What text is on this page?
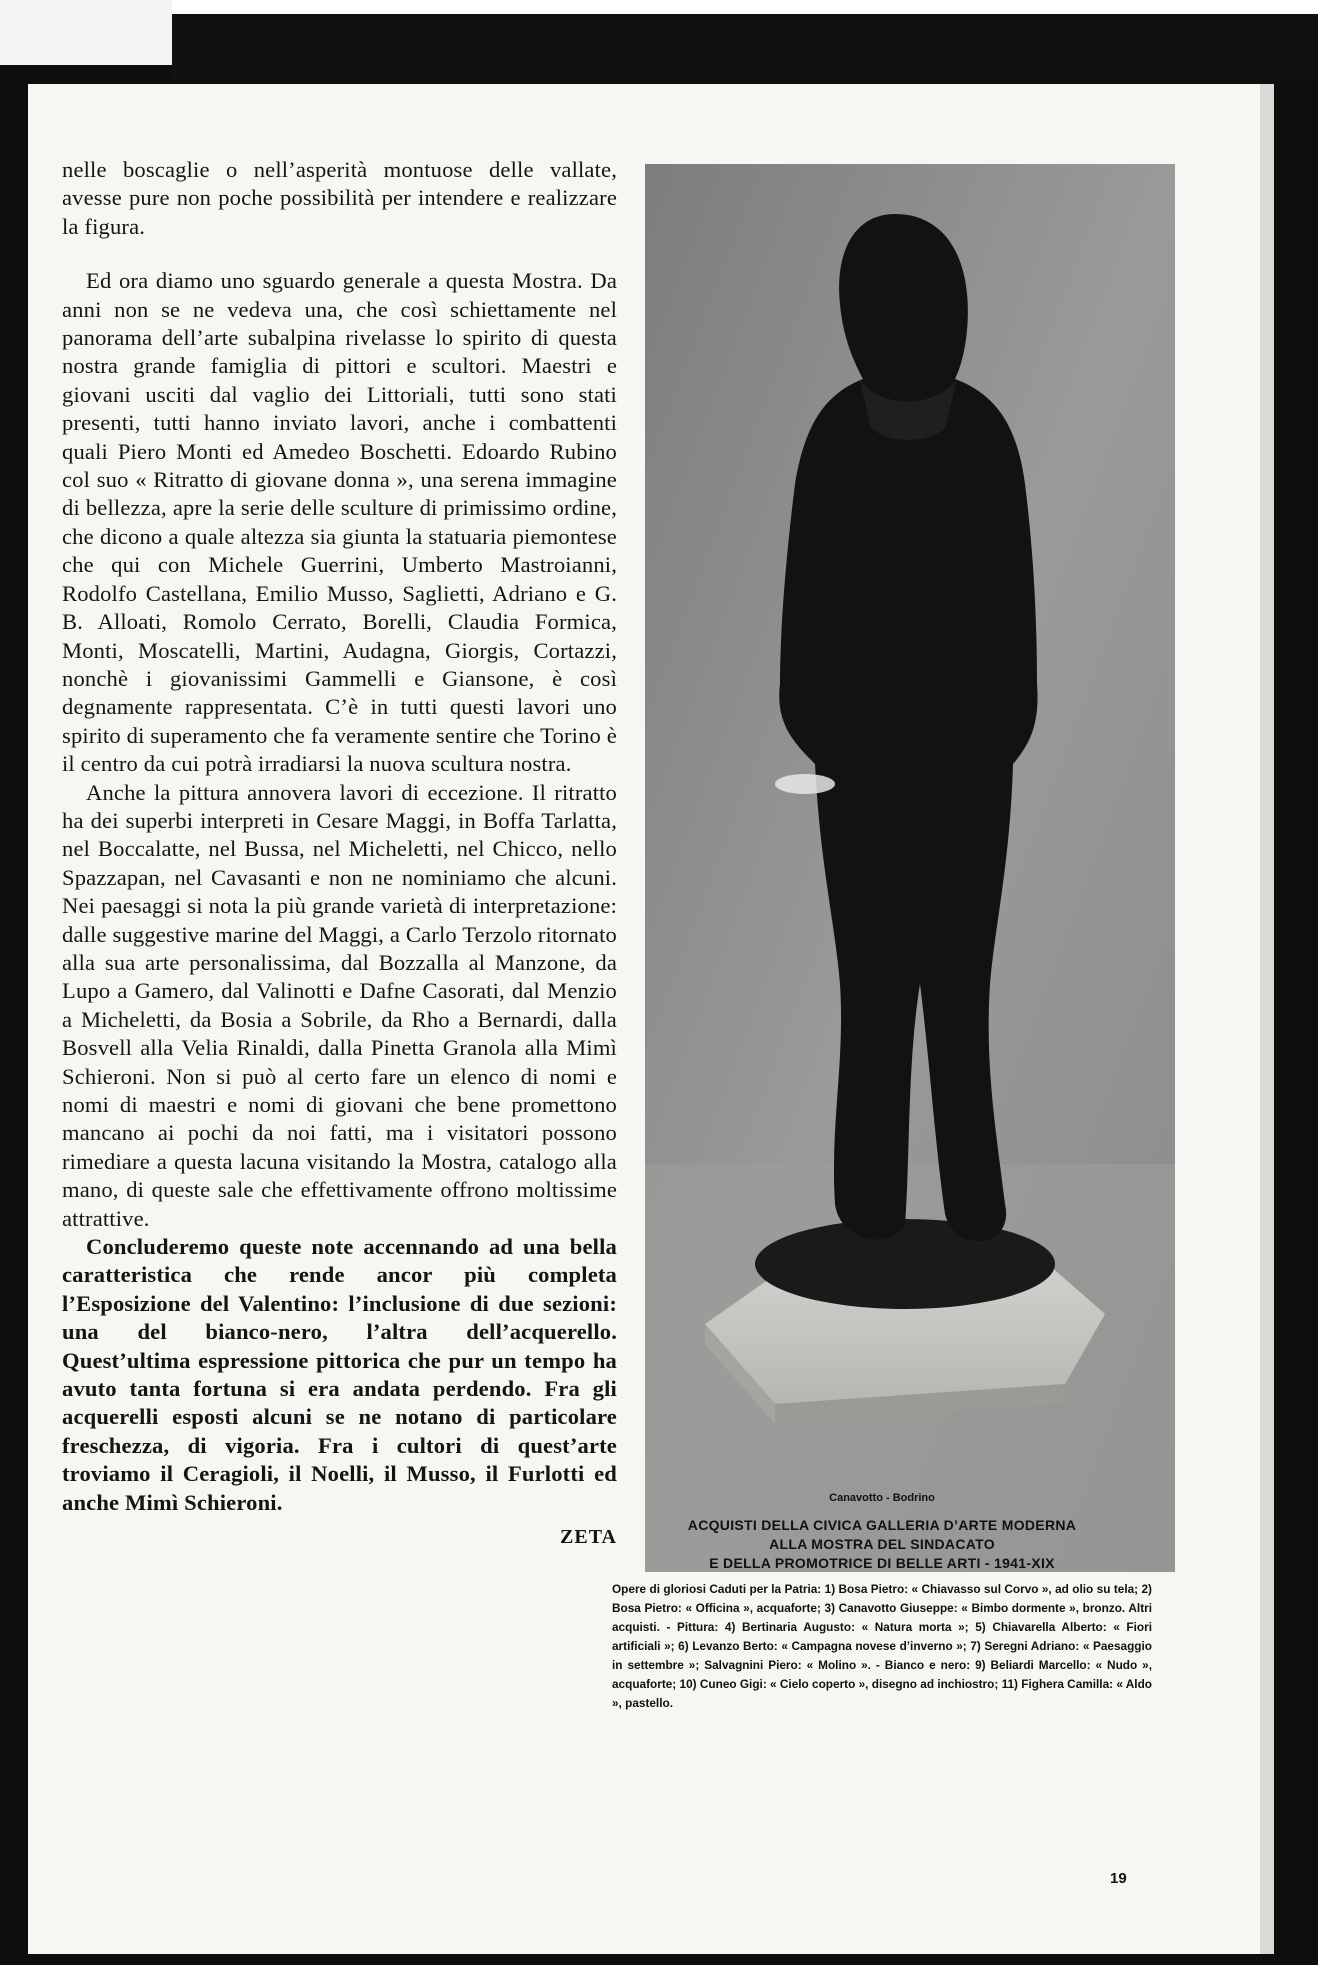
nelle boscaglie o nell’asperità montuose delle vallate, avesse pure non poche possibilità per intendere e realizzare la figura.

Ed ora diamo uno sguardo generale a questa Mostra. Da anni non se ne vedeva una, che così schiettamente nel panorama dell’arte subalpina rivelasse lo spirito di questa nostra grande famiglia di pittori e scultori. Maestri e giovani usciti dal vaglio dei Littoriali, tutti sono stati presenti, tutti hanno inviato lavori, anche i combattenti quali Piero Monti ed Amedeo Boschetti. Edoardo Rubino col suo « Ritratto di giovane donna », una serena immagine di bellezza, apre la serie delle sculture di primissimo ordine, che dicono a quale altezza sia giunta la statuaria piemontese che qui con Michele Guerrini, Umberto Mastroianni, Rodolfo Castellana, Emilio Musso, Saglietti, Adriano e G. B. Alloati, Romolo Cerrato, Borelli, Claudia Formica, Monti, Moscatelli, Martini, Audagna, Giorgis, Cortazzi, nonchè i giovanissimi Gammelli e Giansone, è così degnamente rappresentata. C’è in tutti questi lavori uno spirito di superamento che fa veramente sentire che Torino è il centro da cui potrà irradiarsi la nuova scultura nostra.

Anche la pittura annovera lavori di eccezione. Il ritratto ha dei superbi interpreti in Cesare Maggi, in Boffa Tarlatta, nel Boccalatte, nel Bussa, nel Micheletti, nel Chicco, nello Spazzapan, nel Cavasanti e non ne nominiamo che alcuni. Nei paesaggi si nota la più grande varietà di interpretazione: dalle suggestive marine del Maggi, a Carlo Terzolo ritornato alla sua arte personalissima, dal Bozzalla al Manzone, da Lupo a Gamero, dal Valinotti e Dafne Casorati, dal Menzio a Micheletti, da Bosia a Sobrile, da Rho a Bernardi, dalla Bosvell alla Velia Rinaldi, dalla Pinetta Granola alla Mimì Schieroni. Non si può al certo fare un elenco di nomi e nomi di maestri e nomi di giovani che bene promettono mancano ai pochi da noi fatti, ma i visitatori possono rimediare a questa lacuna visitando la Mostra, catalogo alla mano, di queste sale che effettivamente offrono moltissime attrattive.

Concluderemo queste note accennando ad una bella caratteristica che rende ancor più completa l’Esposizione del Valentino: l’inclusione di due sezioni: una del bianco-nero, l’altra dell’acquerello. Quest’ultima espressione pittorica che pur un tempo ha avuto tanta fortuna si era andata perdendo. Fra gli acquerelli esposti alcuni se ne notano di particolare freschezza, di vigoria. Fra i cultori di quest’arte troviamo il Ceragioli, il Noelli, il Musso, il Furlotti ed anche Mimì Schieroni.

ZETA
Canavotto - Bodrino
ACQUISTI DELLA CIVICA GALLERIA D’ARTE MODERNA
ALLA MOSTRA DEL SINDACATO
E DELLA PROMOTRICE DI BELLE ARTI - 1941-XIX
Opere di gloriosi Caduti per la Patria: 1) Bosa Pietro: « Chiavasso sul Corvo », ad olio su tela; 2) Bosa Pietro: « Officina », acquaforte; 3) Canavotto Giuseppe: « Bimbo dormente », bronzo. Altri acquisti. - Pittura: 4) Bertinaria Augusto: « Natura morta »; 5) Chiavarella Alberto: « Fiori artificiali »; 6) Levanzo Berto: « Campagna novese d’inverno »; 7) Seregni Adriano: « Paesaggio in settembre »; Salvagnini Piero: « Molino ». - Bianco e nero: 9) Beliardi Marcello: « Nudo », acquaforte; 10) Cuneo Gigi: « Cielo coperto », disegno ad inchiostro; 11) Fighera Camilla: « Aldo », pastello.
19
